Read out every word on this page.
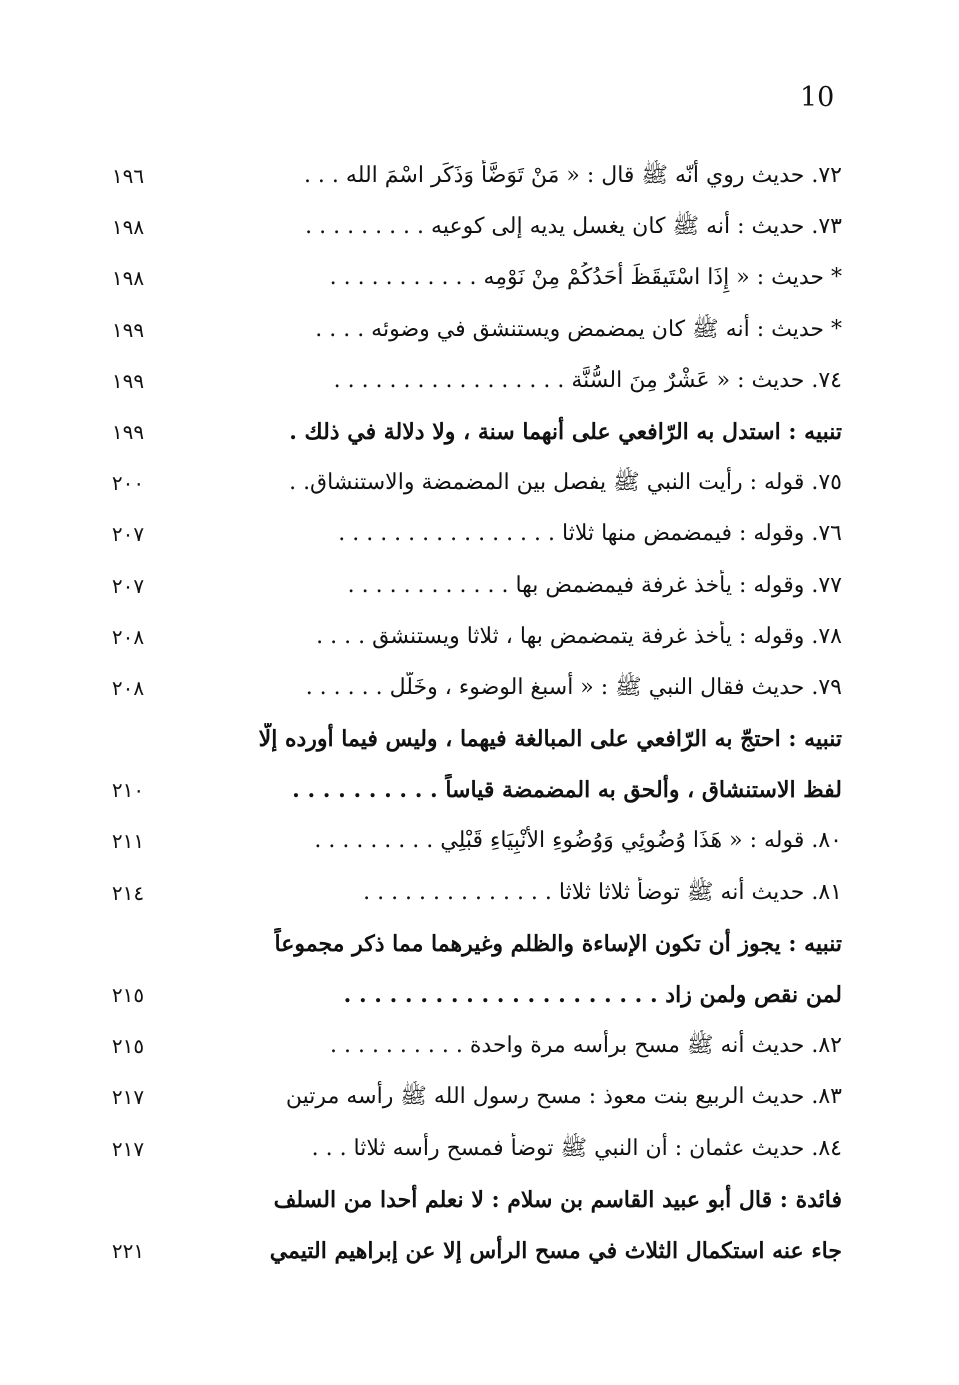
10
٧٢. حديث روي أنّه ﷺ قال : « مَنْ تَوَضَّأَ وَذَكَر اسْمَ الله . . .
١٩٦
٧٣. حديث : أنه ﷺ كان يغسل يديه إلى كوعيه . . . . . . . . .
١٩٨
* حديث : « إِذَا اسْتَيقَظَ أَحَدُكُمْ مِنْ نَوْمِه . . . . . . . . . . .
١٩٨
* حديث : أنه ﷺ كان يمضمض ويستنشق في وضوئه . . . .
١٩٩
٧٤. حديث : « عَشْرٌ مِنَ السُّنَّة . . . . . . . . . . . . . . . . .
١٩٩
تنبيه : استدل به الرّافعي على أنهما سنة ، ولا دلالة في ذلك .
١٩٩
٧٥. قوله : رأيت النبي ﷺ يفصل بين المضمضة والاستنشاق. .
٢٠٠
٧٦. وقوله : فيمضمض منها ثلاثا . . . . . . . . . . . . . . . .
٢٠٧
٧٧. وقوله : يأخذ غرفة فيمضمض بها . . . . . . . . . . . .
٢٠٧
٧٨. وقوله : يأخذ غرفة يتمضمض بها ، ثلاثا ويستنشق . . . .
٢٠٨
٧٩. حديث فقال النبي ﷺ : « أسبغ الوضوء ، وخَلّل . . . . . .
٢٠٨
تنبيه : احتجّ به الرّافعي على المبالغة فيهما ، وليس فيما أورده إلّا
لفظ الاستنشاق ، وألحق به المضمضة قياساً . . . . . . . . . .
٢١٠
٨٠. قوله : « هَذَا وُضُوئِي وَوُضُوءِ الأَنْبِيَاءِ قَبْلِي . . . . . . . . .
٢١١
٨١. حديث أنه ﷺ توضأ ثلاثا ثلاثا . . . . . . . . . . . . . .
٢١٤
تنبيه : يجوز أن تكون الإساءة والظلم وغيرهما مما ذكر مجموعاً
لمن نقص ولمن زاد . . . . . . . . . . . . . . . . . . . . .
٢١٥
٨٢. حديث أنه ﷺ مسح برأسه مرة واحدة . . . . . . . . . .
٢١٥
٨٣. حديث الربيع بنت معوذ : مسح رسول الله ﷺ رأسه مرتين
٢١٧
٨٤. حديث عثمان : أن النبي ﷺ توضأ فمسح رأسه ثلاثا . . .
٢١٧
فائدة : قال أبو عبيد القاسم بن سلام : لا نعلم أحدا من السلف
جاء عنه استكمال الثلاث في مسح الرأس إلا عن إبراهيم التيمي
٢٢١
